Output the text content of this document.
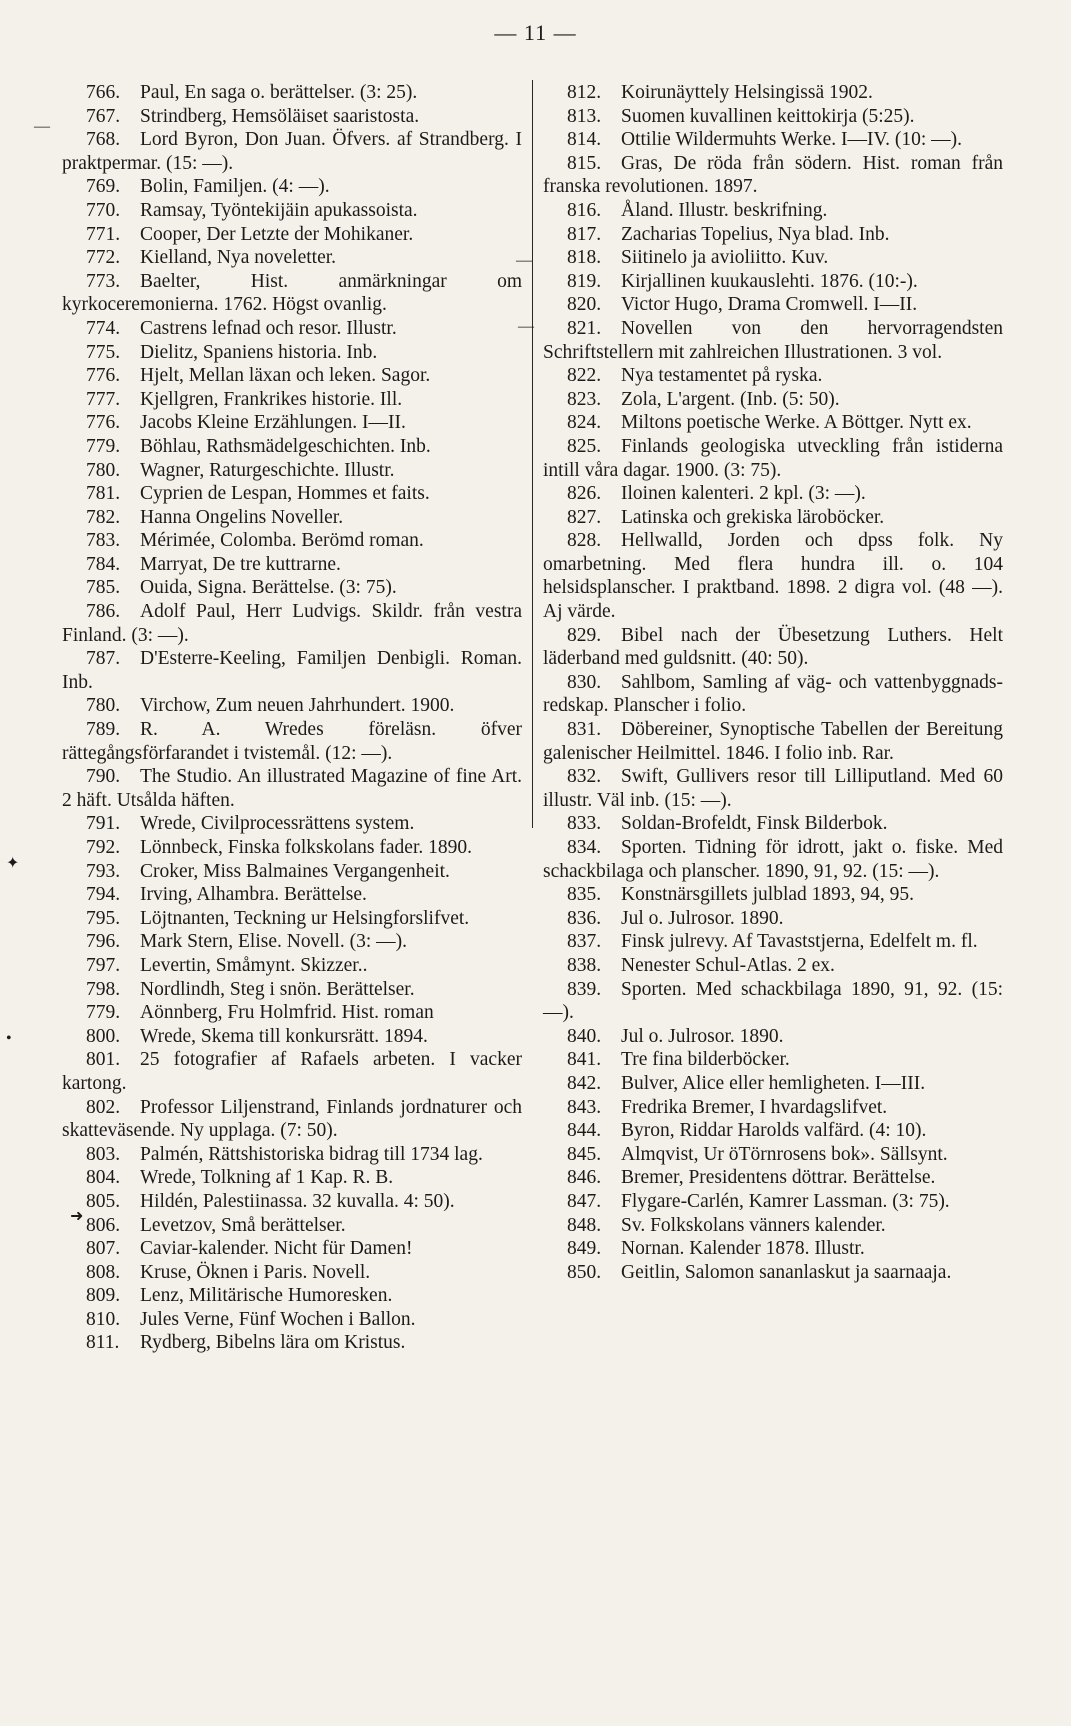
— 11 —
766. Paul, En saga o. berättelser. (3: 25).
767. Strindberg, Hemsöläiset saaristosta.
768. Lord Byron, Don Juan. Öfvers. af Strandberg. I praktpermar. (15: —).
769. Bolin, Familjen. (4: —).
770. Ramsay, Työntekijäin apukassoista.
771. Cooper, Der Letzte der Mohikaner.
772. Kielland, Nya noveletter.
773. Baelter, Hist. anmärkningar om kyrkoceremonierna. 1762. Högst ovanlig.
774. Castrens lefnad och resor. Illustr.
775. Dielitz, Spaniens historia. Inb.
776. Hjelt, Mellan läxan och leken. Sagor.
777. Kjellgren, Frankrikes historie. Ill.
776. Jacobs Kleine Erzählungen. I—II.
779. Böhlau, Rathsmädelgeschichten. Inb.
780. Wagner, Raturgeschichte. Illustr.
781. Cyprien de Lespan, Hommes et faits.
782. Hanna Ongelins Noveller.
783. Mérimée, Colomba. Berömd roman.
784. Marryat, De tre kuttrarne.
785. Ouida, Signa. Berättelse. (3: 75).
786. Adolf Paul, Herr Ludvigs. Skildr. från vestra Finland. (3: —).
787. D'Esterre-Keeling, Familjen Denbigli. Roman. Inb.
780. Virchow, Zum neuen Jahrhundert. 1900.
789. R. A. Wredes föreläsn. öfver rättegångsförfarandet i tvistemål. (12: —).
790. The Studio. An illustrated Magazine of fine Art. 2 häft. Utsålda häften.
791. Wrede, Civilprocessrättens system.
792. Lönnbeck, Finska folkskolans fader. 1890.
793. Croker, Miss Balmaines Vergangenheit.
794. Irving, Alhambra. Berättelse.
795. Löjtnanten, Teckning ur Helsingforslifvet.
796. Mark Stern, Elise. Novell. (3: —).
797. Levertin, Småmynt. Skizzer..
798. Nordlindh, Steg i snön. Berättelser.
779. Aönnberg, Fru Holmfrid. Hist. roman
800. Wrede, Skema till konkursrätt. 1894.
801. 25 fotografier af Rafaels arbeten. I vacker kartong.
802. Professor Liljenstrand, Finlands jordnaturer och skatteväsende. Ny upplaga. (7: 50).
803. Palmén, Rättshistoriska bidrag till 1734 lag.
804. Wrede, Tolkning af 1 Kap. R. B.
805. Hildén, Palestiinassa. 32 kuvalla. 4: 50).
806. Levetzov, Små berättelser.
807. Caviar-kalender. Nicht für Damen!
808. Kruse, Öknen i Paris. Novell.
809. Lenz, Militärische Humoresken.
810. Jules Verne, Fünf Wochen i Ballon.
811. Rydberg, Bibelns lära om Kristus.
812. Koirunäyttely Helsingissä 1902.
813. Suomen kuvallinen keittokirja (5:25).
814. Ottilie Wildermuhts Werke. I—IV. (10: —).
815. Gras, De röda från södern. Hist. roman från franska revolutionen. 1897.
816. Åland. Illustr. beskrifning.
817. Zacharias Topelius, Nya blad. Inb.
818. Siitinelo ja avioliitto. Kuv.
819. Kirjallinen kuukauslehti. 1876. (10:-).
820. Victor Hugo, Drama Cromwell. I—II.
821. Novellen von den hervorragendsten Schriftstellern mit zahlreichen Illustrationen. 3 vol.
822. Nya testamentet på ryska.
823. Zola, L'argent. (Inb. (5: 50).
824. Miltons poetische Werke. A Böttger. Nytt ex.
825. Finlands geologiska utveckling från istiderna intill våra dagar. 1900. (3: 75).
826. Iloinen kalenteri. 2 kpl. (3: —).
827. Latinska och grekiska läroböcker.
828. Hellwalld, Jorden och dpss folk. Ny omarbetning. Med flera hundra ill. o. 104 helsidsplanscher. I praktband. 1898. 2 digra vol. (48 —). Aj värde.
829. Bibel nach der Übesetzung Luthers. Helt läderband med guldsnitt. (40: 50).
830. Sahlbom, Samling af väg- och vattenbyggnads-redskap. Planscher i folio.
831. Döbereiner, Synoptische Tabellen der Bereitung galenischer Heilmittel. 1846. I folio inb. Rar.
832. Swift, Gullivers resor till Lilliputland. Med 60 illustr. Väl inb. (15: —).
833. Soldan-Brofeldt, Finsk Bilderbok.
834. Sporten. Tidning för idrott, jakt o. fiske. Med schackbilaga och planscher. 1890, 91, 92. (15: —).
835. Konstnärsgillets julblad 1893, 94, 95.
836. Jul o. Julrosor. 1890.
837. Finsk julrevy. Af Tavaststjerna, Edelfelt m. fl.
838. Nenester Schul-Atlas. 2 ex.
839. Sporten. Med schackbilaga 1890, 91, 92. (15: —).
840. Jul o. Julrosor. 1890.
841. Tre fina bilderböcker.
842. Bulver, Alice eller hemligheten. I—III.
843. Fredrika Bremer, I hvardagslifvet.
844. Byron, Riddar Harolds valfärd. (4: 10).
845. Almqvist, Ur öTörnrosens bok». Sällsynt.
846. Bremer, Presidentens döttrar. Berättelse.
847. Flygare-Carlén, Kamrer Lassman. (3: 75).
848. Sv. Folkskolans vänners kalender.
849. Nornan. Kalender 1878. Illustr.
850. Geitlin, Salomon sananlaskut ja saarnaaja.
—
✦
•
➜
—
—
